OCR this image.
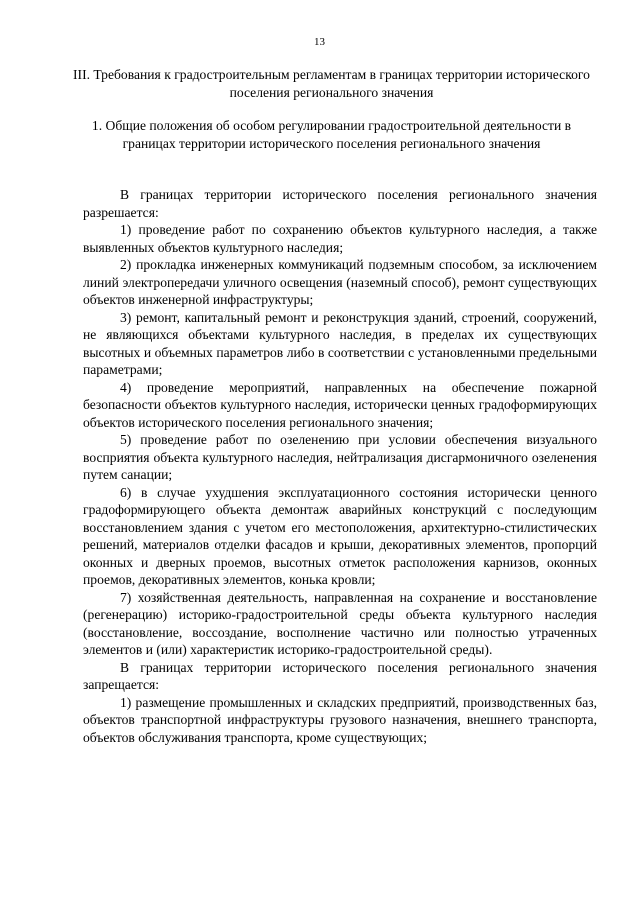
13
III. Требования к градостроительным регламентам в границах территории исторического поселения регионального значения
1. Общие положения об особом регулировании градостроительной деятельности в границах территории исторического поселения регионального значения

В границах территории исторического поселения регионального значения разрешается:

1) проведение работ по сохранению объектов культурного наследия, а также выявленных объектов культурного наследия;

2) прокладка инженерных коммуникаций подземным способом, за исключением линий электропередачи уличного освещения (наземный способ), ремонт существующих объектов инженерной инфраструктуры;

3) ремонт, капитальный ремонт и реконструкция зданий, строений, сооружений, не являющихся объектами культурного наследия, в пределах их существующих высотных и объемных параметров либо в соответствии с установленными предельными параметрами;

4) проведение мероприятий, направленных на обеспечение пожарной безопасности объектов культурного наследия, исторически ценных градоформирующих объектов исторического поселения регионального значения;

5) проведение работ по озеленению при условии обеспечения визуального восприятия объекта культурного наследия, нейтрализация дисгармоничного озеленения путем санации;

6) в случае ухудшения эксплуатационного состояния исторически ценного градоформирующего объекта демонтаж аварийных конструкций с последующим восстановлением здания с учетом его местоположения, архитектурно-стилистических решений, материалов отделки фасадов и крыши, декоративных элементов, пропорций оконных и дверных проемов, высотных отметок расположения карнизов, оконных проемов, декоративных элементов, конька кровли;

7) хозяйственная деятельность, направленная на сохранение и восстановление (регенерацию) историко-градостроительной среды объекта культурного наследия (восстановление, воссоздание, восполнение частично или полностью утраченных элементов и (или) характеристик историко-градостроительной среды).

В границах территории исторического поселения регионального значения запрещается:

1) размещение промышленных и складских предприятий, производственных баз, объектов транспортной инфраструктуры грузового назначения, внешнего транспорта, объектов обслуживания транспорта, кроме существующих;
